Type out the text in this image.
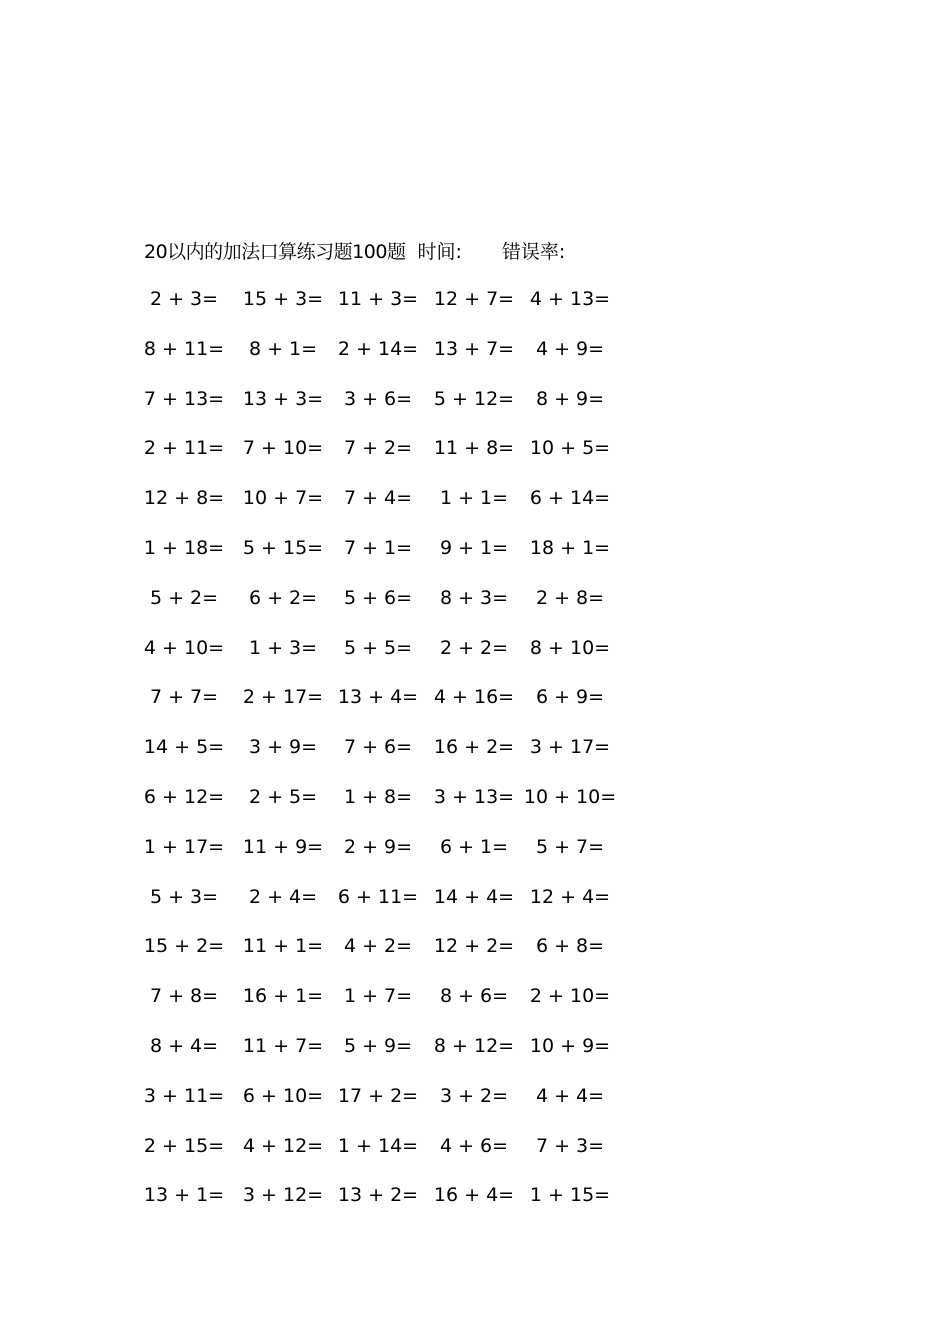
20以内的加法口算练习题100题 时间: 错误率:
2 + 3= 15 + 3= 11 + 3= 12 + 7= 4 + 13=
8 + 11= 8 + 1= 2 + 14= 13 + 7= 4 + 9=
7 + 13= 13 + 3= 3 + 6= 5 + 12= 8 + 9=
2 + 11= 7 + 10= 7 + 2= 11 + 8= 10 + 5=
12 + 8= 10 + 7= 7 + 4= 1 + 1= 6 + 14=
1 + 18= 5 + 15= 7 + 1= 9 + 1= 18 + 1=
5 + 2= 6 + 2= 5 + 6= 8 + 3= 2 + 8=
4 + 10= 1 + 3= 5 + 5= 2 + 2= 8 + 10=
7 + 7= 2 + 17= 13 + 4= 4 + 16= 6 + 9=
14 + 5= 3 + 9= 7 + 6= 16 + 2= 3 + 17=
6 + 12= 2 + 5= 1 + 8= 3 + 13= 10 + 10=
1 + 17= 11 + 9= 2 + 9= 6 + 1= 5 + 7=
5 + 3= 2 + 4= 6 + 11= 14 + 4= 12 + 4=
15 + 2= 11 + 1= 4 + 2= 12 + 2= 6 + 8=
7 + 8= 16 + 1= 1 + 7= 8 + 6= 2 + 10=
8 + 4= 11 + 7= 5 + 9= 8 + 12= 10 + 9=
3 + 11= 6 + 10= 17 + 2= 3 + 2= 4 + 4=
2 + 15= 4 + 12= 1 + 14= 4 + 6= 7 + 3=
13 + 1= 3 + 12= 13 + 2= 16 + 4= 1 + 15=
